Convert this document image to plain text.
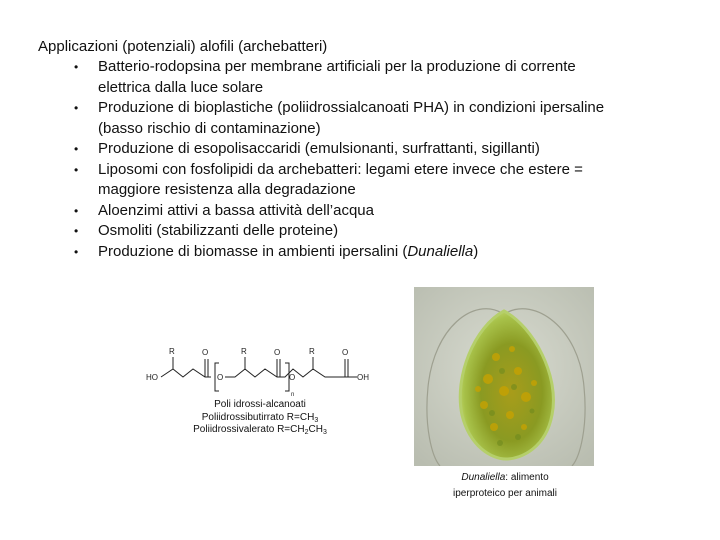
Applicazioni (potenziali) alofili (archebatteri)
• Batterio-rodopsina per membrane artificiali per la produzione di corrente
elettrica dalla luce solare
• Produzione di bioplastiche (poliidrossialcanoati PHA) in condizioni ipersaline
(basso rischio di contaminazione)
• Produzione di esopolisaccaridi (emulsionanti, surfrattanti, sigillanti)
• Liposomi con fosfolipidi da archebatteri: legami etere invece che estere =
maggiore resistenza alla degradazione
• Aloenzimi attivi a bassa attività dell’acqua
• Osmoliti (stabilizzanti delle proteine)
• Produzione di biomasse in ambienti ipersalini (Dunaliella)
R	R	R
O	O	O
O	O
HO	OH
n
Poli idrossi-alcanoati
Poliidrossibutirrato $R=CH_3$
Poliidrossivalerato $R=CH_2CH_3$
Dunaliella: alimento
iperproteico per animali
